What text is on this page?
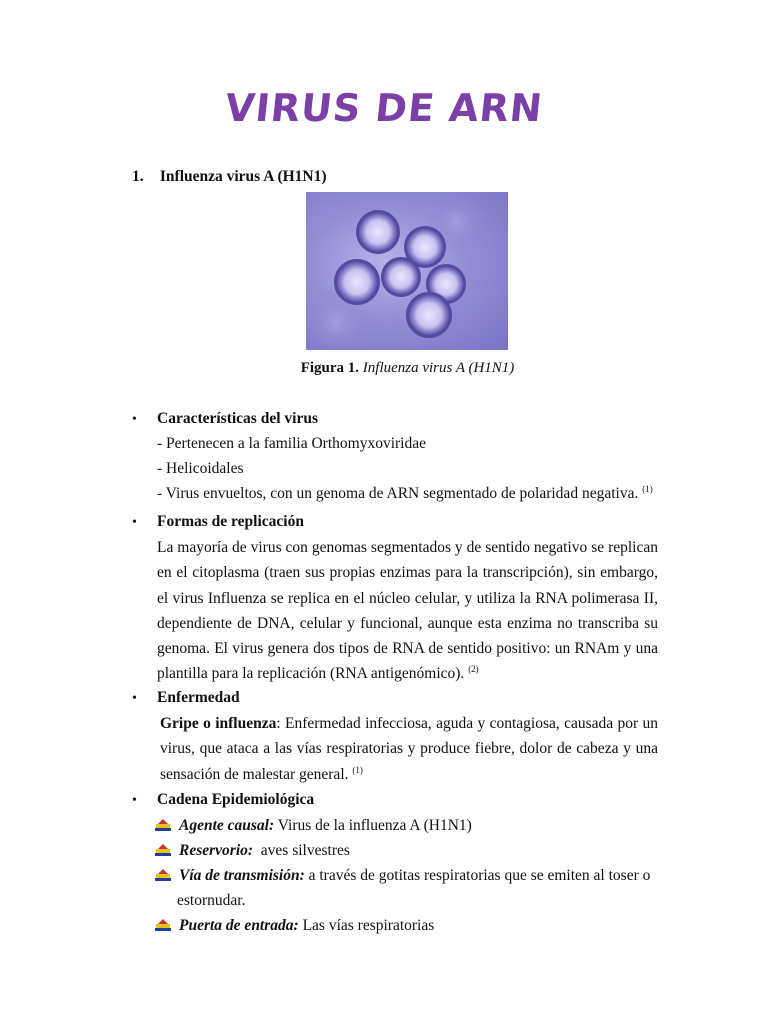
VIRUS DE ARN
1. Influenza virus A (H1N1)
Figura 1. Influenza virus A (H1N1)
• Características del virus
- Pertenecen a la familia Orthomyxoviridae
- Helicoidales
- Virus envueltos, con un genoma de ARN segmentado de polaridad negativa. $^{(1)}$
• Formas de replicación
La mayoría de virus con genomas segmentados y de sentido negativo se replican en el citoplasma (traen sus propias enzimas para la transcripción), sin embargo, el virus Influenza se replica en el núcleo celular, y utiliza la RNA polimerasa II, dependiente de DNA, celular y funcional, aunque esta enzima no transcriba su genoma. El virus genera dos tipos de RNA de sentido positivo: un RNAm y una
plantilla para la replicación (RNA antigenómico). $^{(2)}$
• Enfermedad
Gripe o influenza: Enfermedad infecciosa, aguda y contagiosa, causada por un virus, que ataca a las vías respiratorias y produce fiebre, dolor de cabeza y una
sensación de malestar general. $^{(1)}$
• Cadena Epidemiológica
Agente causal: Virus de la influenza A (H1N1)
Reservorio: aves silvestres
Vía de transmisión: a través de gotitas respiratorias que se emiten al toser o
estornudar.
Puerta de entrada: Las vías respiratorias
